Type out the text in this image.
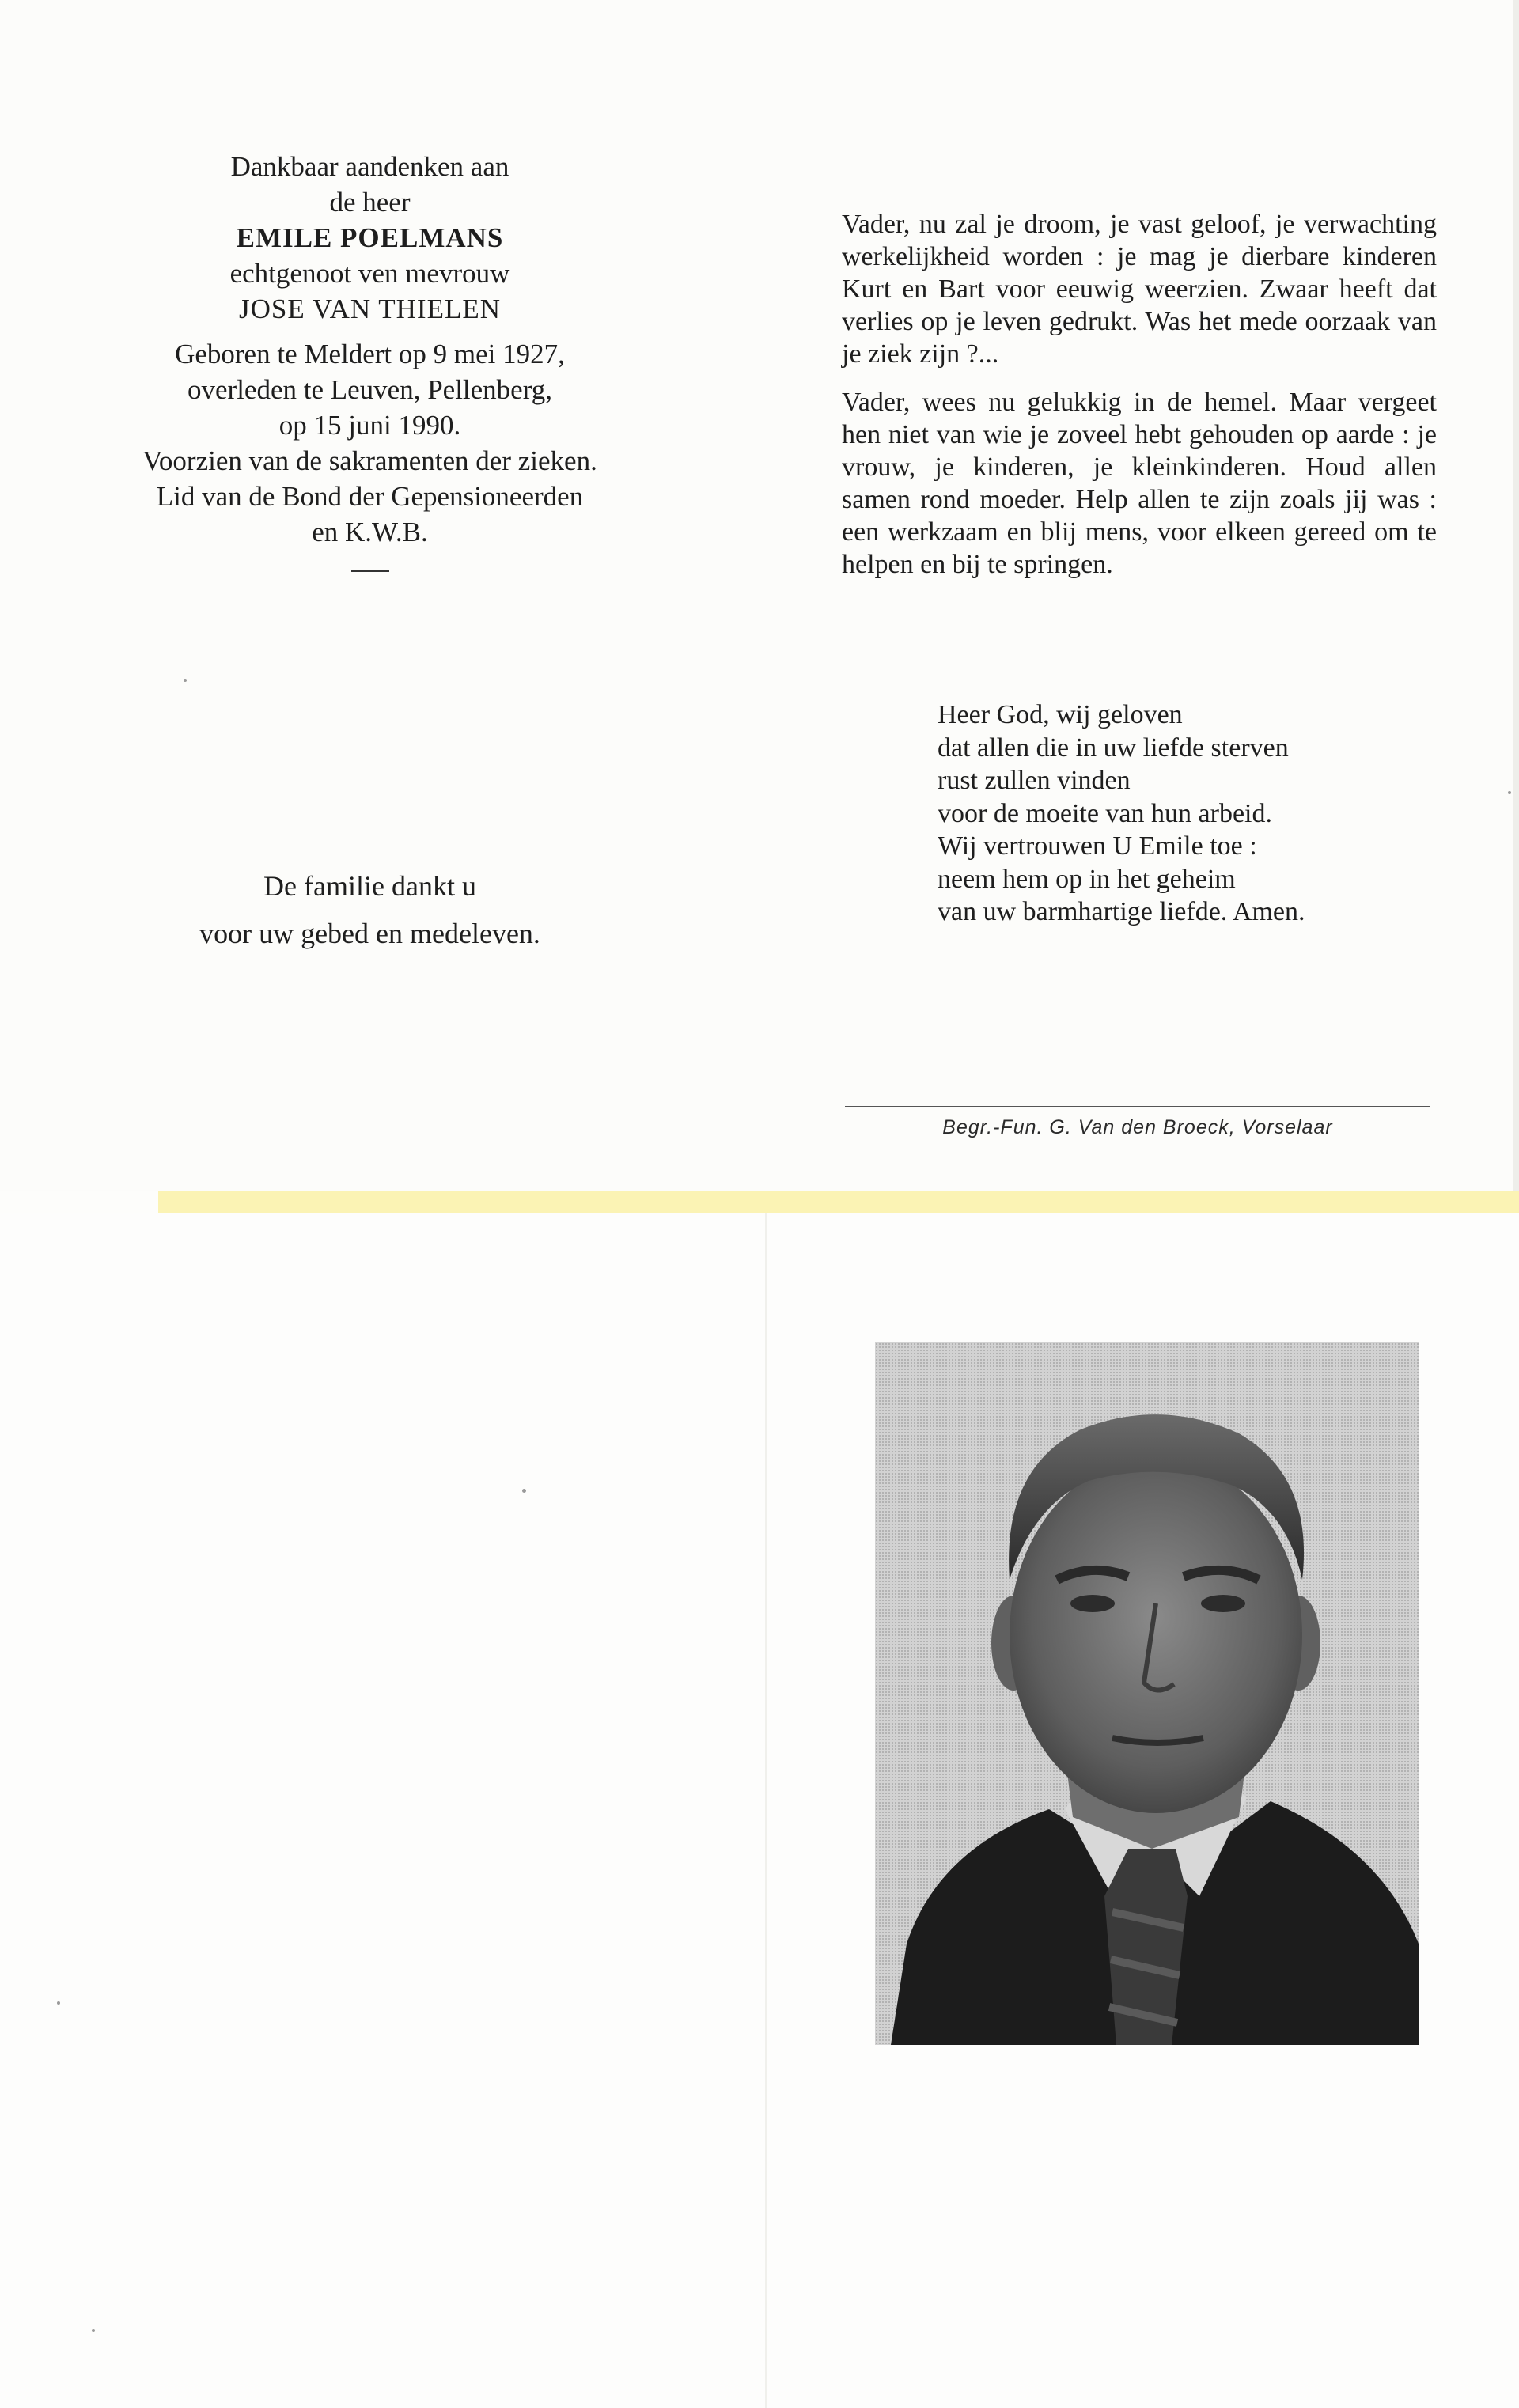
Dankbaar aandenken aan
de heer
EMILE POELMANS
echtgenoot ven mevrouw
JOSE VAN THIELEN
Geboren te Meldert op 9 mei 1927,
overleden te Leuven, Pellenberg,
op 15 juni 1990.
Voorzien van de sakramenten der zieken.
Lid van de Bond der Gepensioneerden
en K.W.B.
De familie dankt u
voor uw gebed en medeleven.

Vader, nu zal je droom, je vast geloof, je verwachting werkelijkheid worden : je mag je dierbare kinderen Kurt en Bart voor eeuwig weerzien. Zwaar heeft dat verlies op je leven gedrukt. Was het mede oorzaak van je ziek zijn ?...

Vader, wees nu gelukkig in de hemel. Maar vergeet hen niet van wie je zoveel hebt gehouden op aarde : je vrouw, je kinderen, je kleinkinderen. Houd allen samen rond moeder. Help allen te zijn zoals jij was : een werkzaam en blij mens, voor elkeen gereed om te helpen en bij te springen.

Heer God, wij geloven
dat allen die in uw liefde sterven
rust zullen vinden
voor de moeite van hun arbeid.
Wij vertrouwen U Emile toe :
neem hem op in het geheim
van uw barmhartige liefde. Amen.
Begr.-Fun. G. Van den Broeck, Vorselaar
